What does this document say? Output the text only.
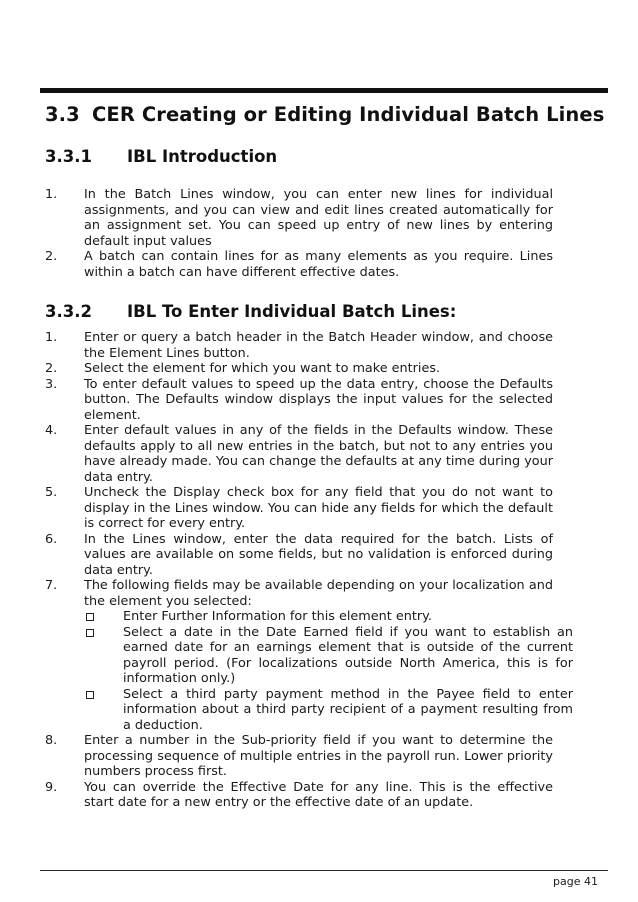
3.3 CER Creating or Editing Individual Batch Lines
3.3.1 IBL Introduction
1. In the Batch Lines window, you can enter new lines for individual assignments, and you can view and edit lines created automatically for an assignment set. You can speed up entry of new lines by entering default input values
2. A batch can contain lines for as many elements as you require. Lines within a batch can have different effective dates.
3.3.2 IBL To Enter Individual Batch Lines:
1. Enter or query a batch header in the Batch Header window, and choose the Element Lines button.
2. Select the element for which you want to make entries.
3. To enter default values to speed up the data entry, choose the Defaults button. The Defaults window displays the input values for the selected element.
4. Enter default values in any of the fields in the Defaults window. These defaults apply to all new entries in the batch, but not to any entries you have already made. You can change the defaults at any time during your data entry.
5. Uncheck the Display check box for any field that you do not want to display in the Lines window. You can hide any fields for which the default is correct for every entry.
6. In the Lines window, enter the data required for the batch. Lists of values are available on some fields, but no validation is enforced during data entry.
7. The following fields may be available depending on your localization and the element you selected:
Enter Further Information for this element entry.
Select a date in the Date Earned field if you want to establish an earned date for an earnings element that is outside of the current payroll period. (For localizations outside North America, this is for information only.)
Select a third party payment method in the Payee field to enter information about a third party recipient of a payment resulting from a deduction.
8. Enter a number in the Sub-priority field if you want to determine the processing sequence of multiple entries in the payroll run. Lower priority numbers process first.
9. You can override the Effective Date for any line. This is the effective start date for a new entry or the effective date of an update.
page 41
